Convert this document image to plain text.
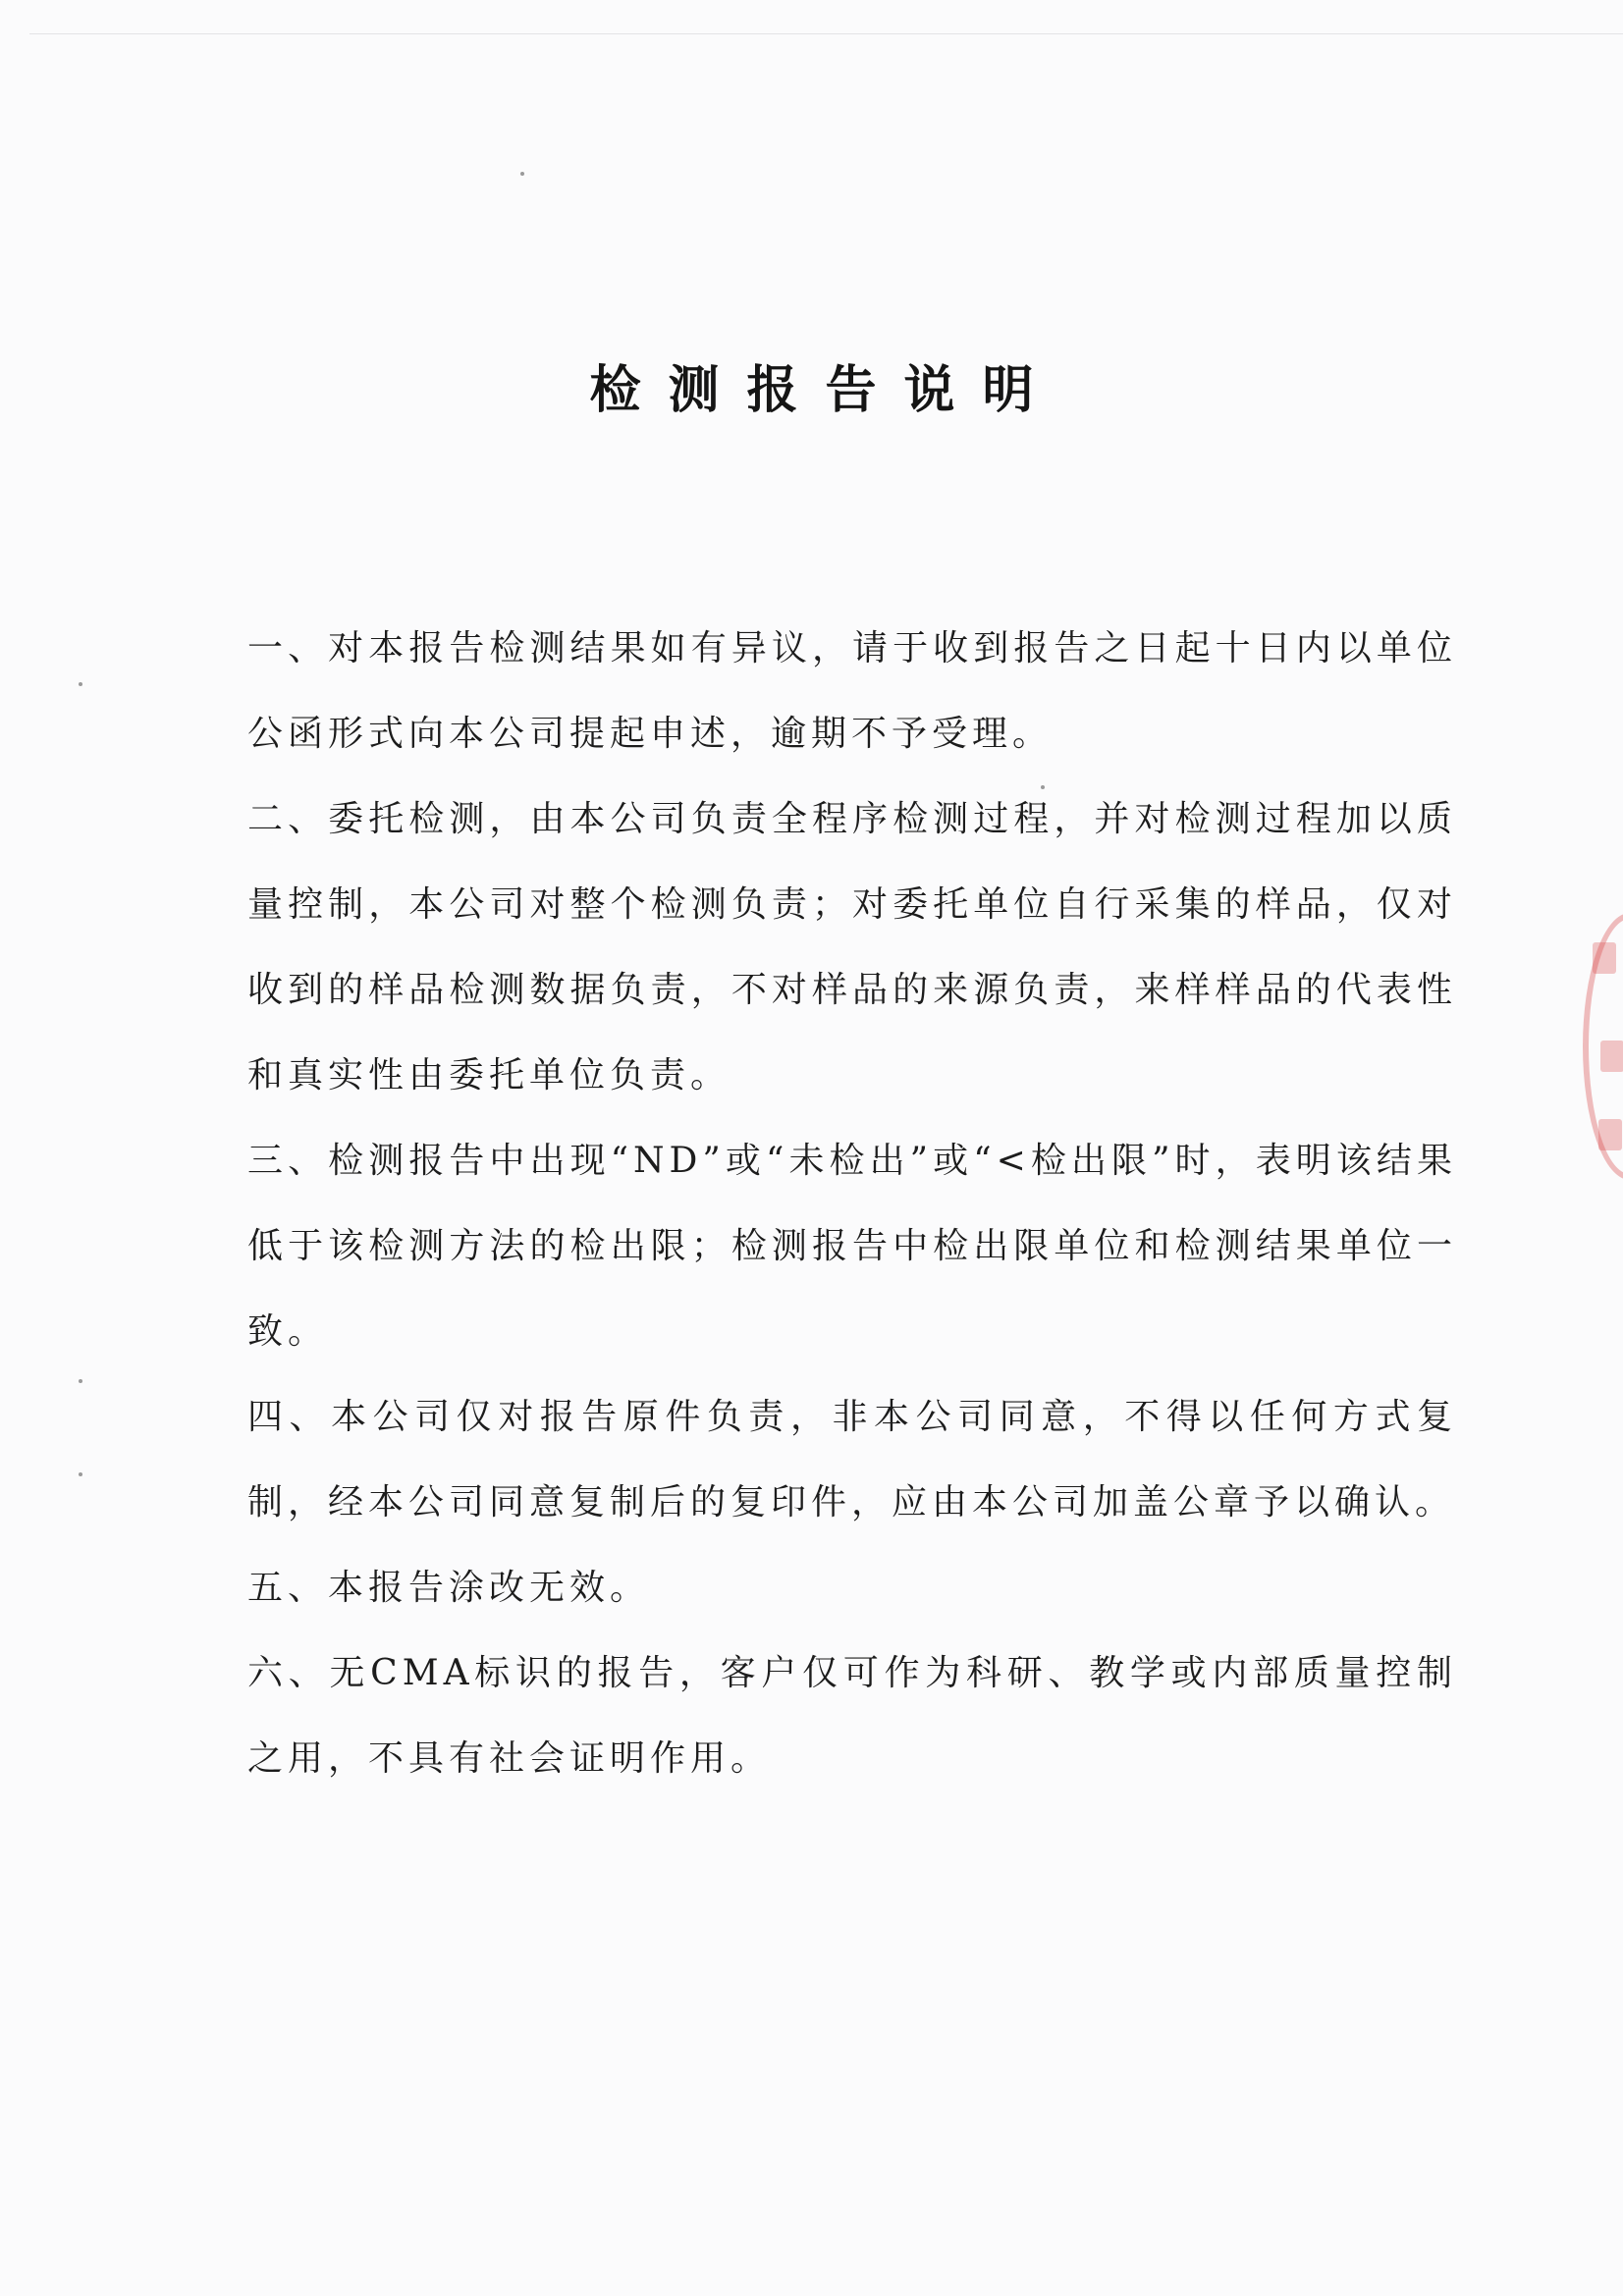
检测报告说明

一、对本报告检测结果如有异议，请于收到报告之日起十日内以单位公函形式向本公司提起申述，逾期不予受理。

二、委托检测，由本公司负责全程序检测过程，并对检测过程加以质量控制，本公司对整个检测负责；对委托单位自行采集的样品，仅对收到的样品检测数据负责，不对样品的来源负责，来样样品的代表性和真实性由委托单位负责。

三、检测报告中出现“ND”或“未检出”或“<检出限”时，表明该结果低于该检测方法的检出限；检测报告中检出限单位和检测结果单位一致。

四、本公司仅对报告原件负责，非本公司同意，不得以任何方式复制，经本公司同意复制后的复印件，应由本公司加盖公章予以确认。

五、本报告涂改无效。

六、无CMA标识的报告，客户仅可作为科研、教学或内部质量控制之用，不具有社会证明作用。
